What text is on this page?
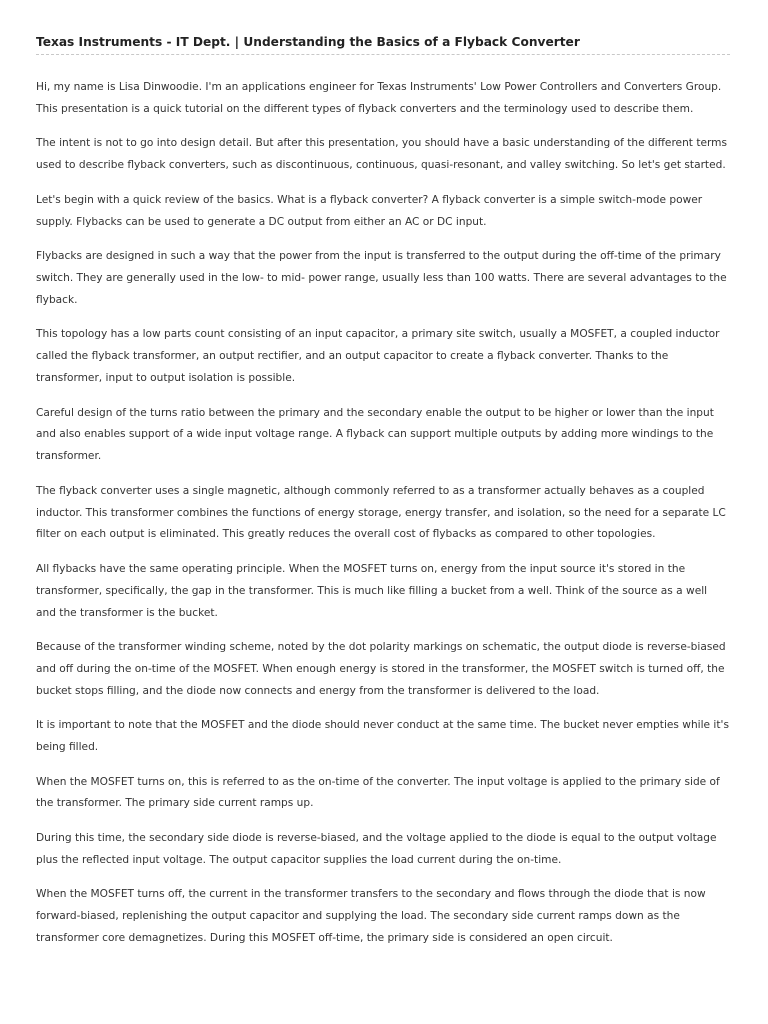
Texas Instruments - IT Dept. | Understanding the Basics of a Flyback Converter

Hi, my name is Lisa Dinwoodie. I'm an applications engineer for Texas Instruments' Low Power Controllers and Converters Group. This presentation is a quick tutorial on the different types of flyback converters and the terminology used to describe them.

The intent is not to go into design detail. But after this presentation, you should have a basic understanding of the different terms used to describe flyback converters, such as discontinuous, continuous, quasi-resonant, and valley switching. So let's get started.

Let's begin with a quick review of the basics. What is a flyback converter? A flyback converter is a simple switch-mode power supply. Flybacks can be used to generate a DC output from either an AC or DC input.

Flybacks are designed in such a way that the power from the input is transferred to the output during the off-time of the primary switch. They are generally used in the low- to mid- power range, usually less than 100 watts. There are several advantages to the flyback.

This topology has a low parts count consisting of an input capacitor, a primary site switch, usually a MOSFET, a coupled inductor called the flyback transformer, an output rectifier, and an output capacitor to create a flyback converter. Thanks to the transformer, input to output isolation is possible.

Careful design of the turns ratio between the primary and the secondary enable the output to be higher or lower than the input and also enables support of a wide input voltage range. A flyback can support multiple outputs by adding more windings to the transformer.

The flyback converter uses a single magnetic, although commonly referred to as a transformer actually behaves as a coupled inductor. This transformer combines the functions of energy storage, energy transfer, and isolation, so the need for a separate LC filter on each output is eliminated. This greatly reduces the overall cost of flybacks as compared to other topologies.

All flybacks have the same operating principle. When the MOSFET turns on, energy from the input source it's stored in the transformer, specifically, the gap in the transformer. This is much like filling a bucket from a well. Think of the source as a well and the transformer is the bucket.

Because of the transformer winding scheme, noted by the dot polarity markings on schematic, the output diode is reverse-biased and off during the on-time of the MOSFET. When enough energy is stored in the transformer, the MOSFET switch is turned off, the bucket stops filling, and the diode now connects and energy from the transformer is delivered to the load.

It is important to note that the MOSFET and the diode should never conduct at the same time. The bucket never empties while it's being filled.

When the MOSFET turns on, this is referred to as the on-time of the converter. The input voltage is applied to the primary side of the transformer. The primary side current ramps up.

During this time, the secondary side diode is reverse-biased, and the voltage applied to the diode is equal to the output voltage plus the reflected input voltage. The output capacitor supplies the load current during the on-time.

When the MOSFET turns off, the current in the transformer transfers to the secondary and flows through the diode that is now forward-biased, replenishing the output capacitor and supplying the load. The secondary side current ramps down as the transformer core demagnetizes. During this MOSFET off-time, the primary side is considered an open circuit.
